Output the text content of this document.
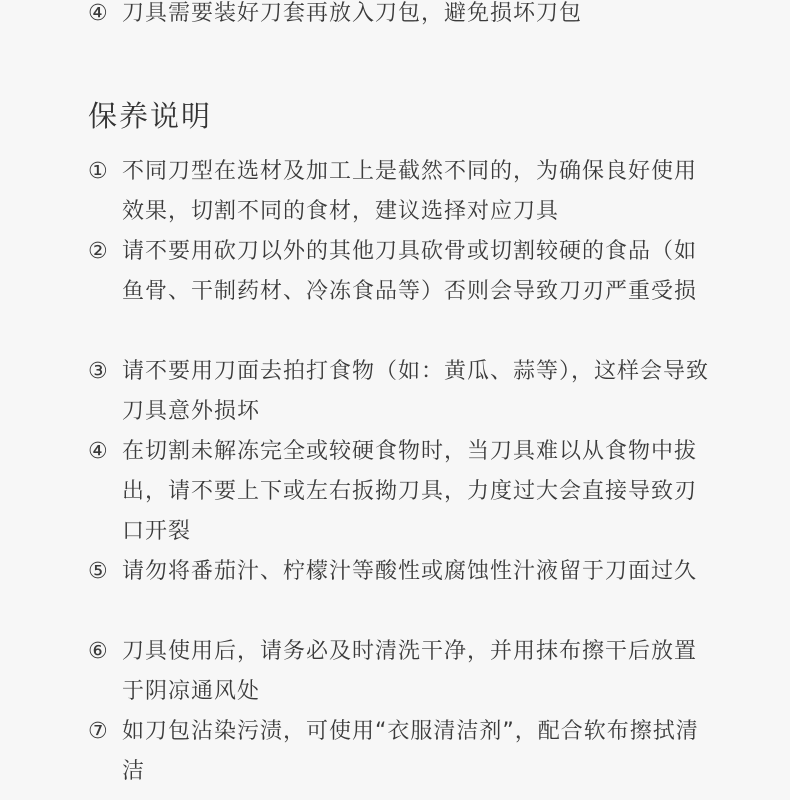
④ 刀具需要装好刀套再放入刀包，避免损坏刀包
保养说明
① 不同刀型在选材及加工上是截然不同的，为确保良好使用效果，切割不同的食材，建议选择对应刀具
② 请不要用砍刀以外的其他刀具砍骨或切割较硬的食品（如鱼骨、干制药材、冷冻食品等）否则会导致刀刃严重受损
③ 请不要用刀面去拍打食物（如：黄瓜、蒜等），这样会导致刀具意外损坏
④ 在切割未解冻完全或较硬食物时，当刀具难以从食物中拔出，请不要上下或左右扳拗刀具，力度过大会直接导致刃口开裂
⑤ 请勿将番茄汁、柠檬汁等酸性或腐蚀性汁液留于刀面过久
⑥ 刀具使用后，请务必及时清洗干净，并用抹布擦干后放置于阴凉通风处
⑦ 如刀包沾染污渍，可使用“衣服清洁剂”，配合软布擦拭清洁
